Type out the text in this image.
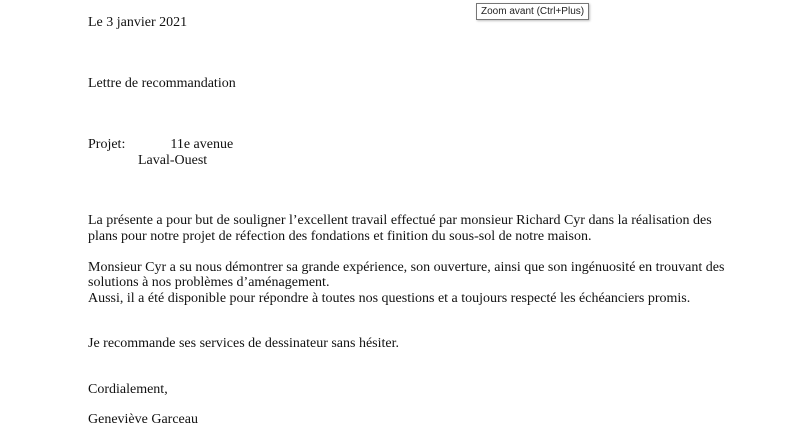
Zoom avant (Ctrl+Plus)

Le 3 janvier 2021

Lettre de recommandation

Projet:	11e avenue

Laval-Ouest

La présente a pour but de souligner l’excellent travail effectué par monsieur Richard Cyr dans la réalisation des

plans pour notre projet de réfection des fondations et finition du sous-sol de notre maison.

Monsieur Cyr a su nous démontrer sa grande expérience, son ouverture, ainsi que son ingénuosité en trouvant des

solutions à nos problèmes d’aménagement.

Aussi, il a été disponible pour répondre à toutes nos questions et a toujours respecté les échéanciers promis.

Je recommande ses services de dessinateur sans hésiter.

Cordialement,

Geneviève Garceau
